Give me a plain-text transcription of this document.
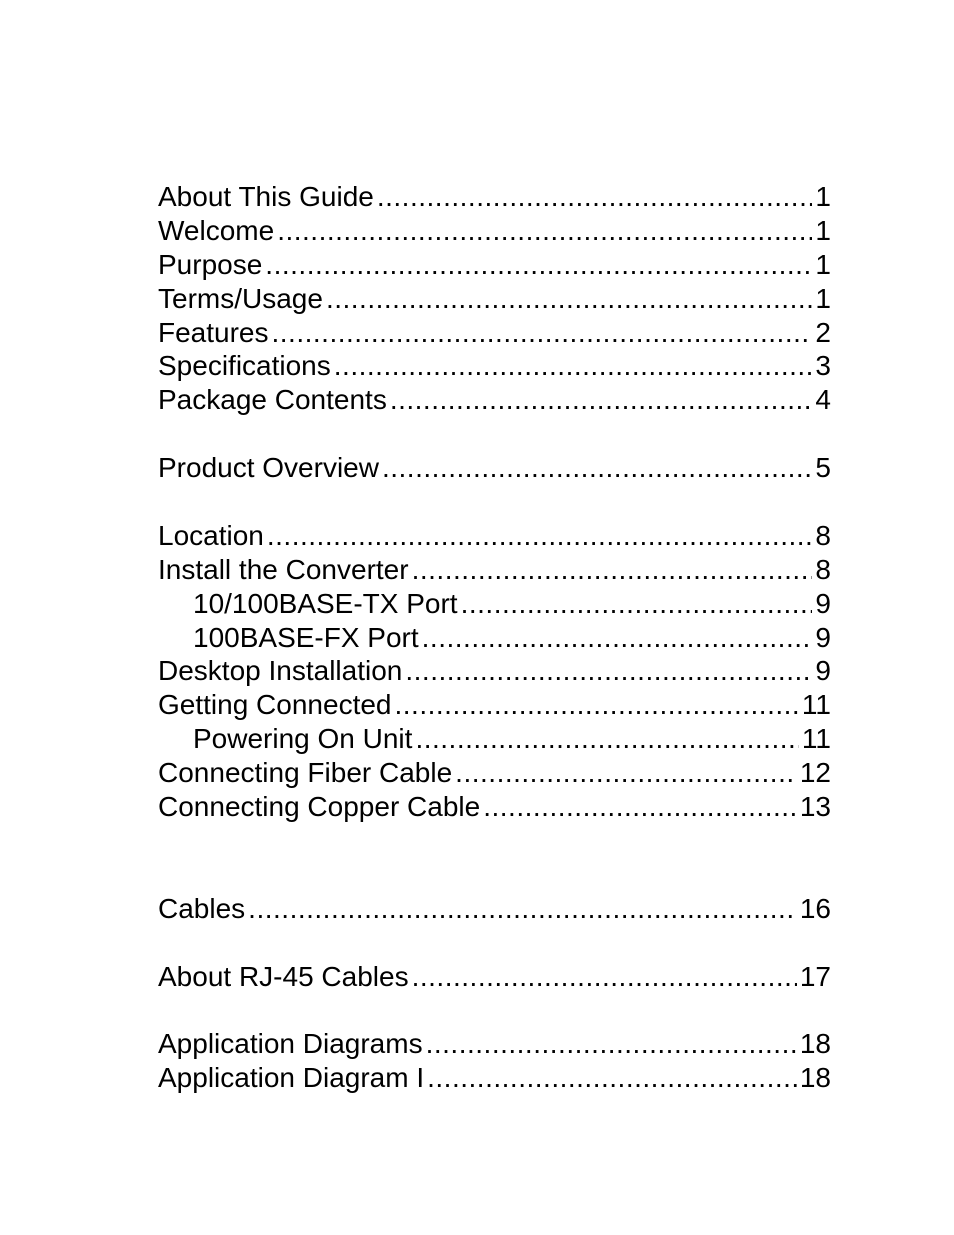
About This Guide .....	1
Welcome .....	1
Purpose .....	1
Terms/Usage .....	1
Features .....	2
Specifications .....	3
Package Contents .....	4
Product Overview .....	5
Location .....	8
Install the Converter .....	8
10/100BASE-TX Port .....	9
100BASE-FX Port .....	9
Desktop Installation .....	9
Getting Connected .....	11
Powering On Unit .....	11
Connecting Fiber Cable .....	12
Connecting Copper Cable .....	13
Cables .....	16
About RJ-45 Cables .....	17
Application Diagrams .....	18
Application Diagram I .....	18
